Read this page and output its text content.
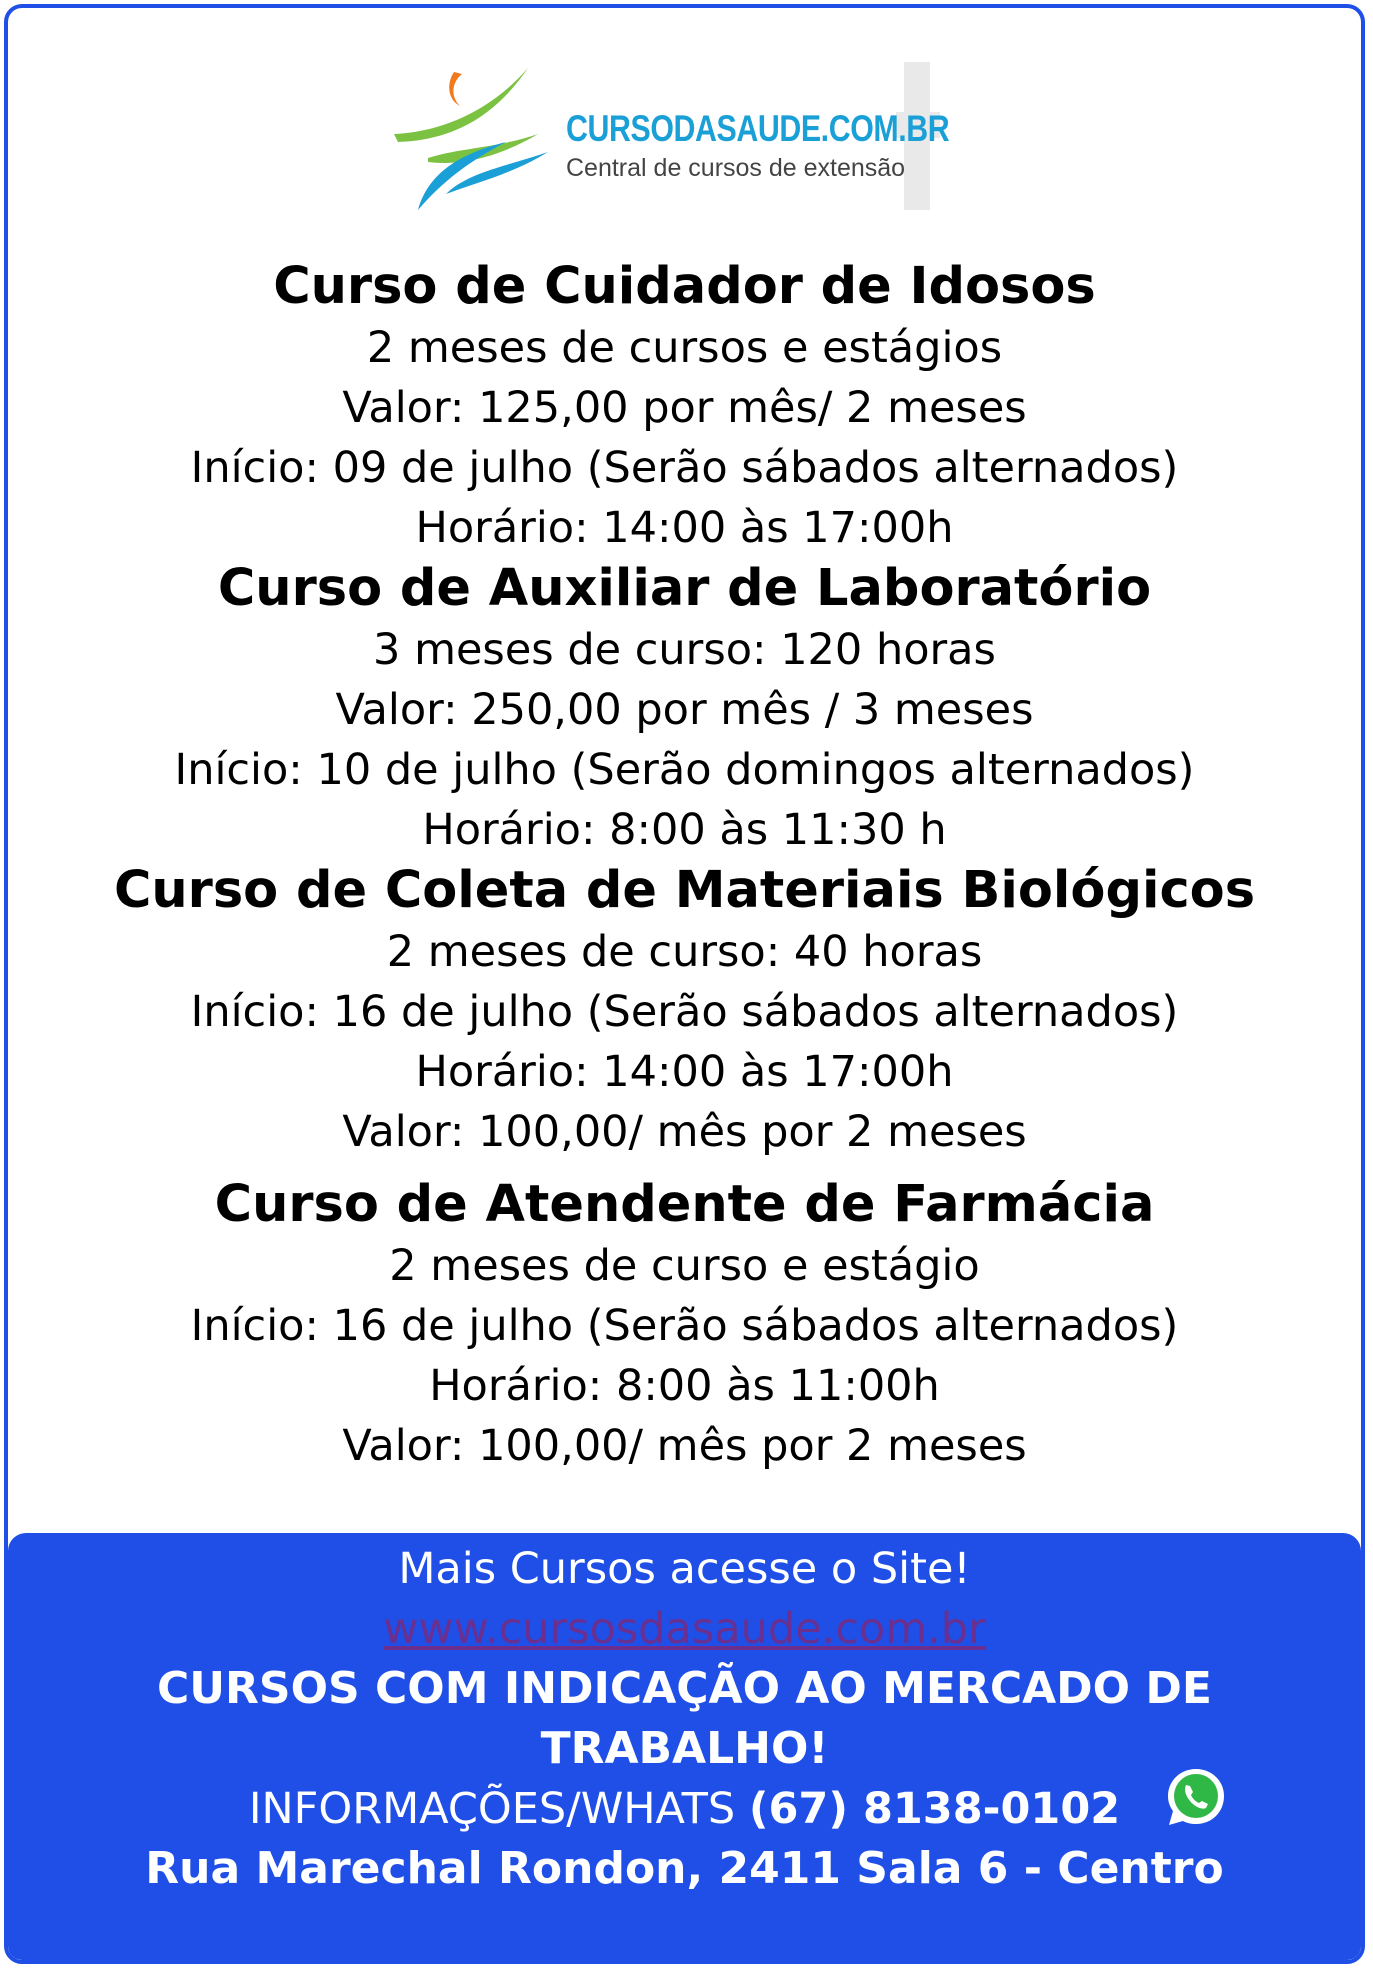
CURSODASAUDE.COM.BR
Central de cursos de extensão
Curso de Cuidador de Idosos
2 meses de cursos e estágios
Valor: 125,00 por mês/ 2 meses
Início: 09 de julho (Serão sábados alternados)
Horário: 14:00 às 17:00h
Curso de Auxiliar de Laboratório
3 meses de curso: 120 horas
Valor: 250,00 por mês / 3 meses
Início: 10 de julho (Serão domingos alternados)
Horário: 8:00 às 11:30 h
Curso de Coleta de Materiais Biológicos
2 meses de curso: 40 horas
Início: 16 de julho (Serão sábados alternados)
Horário: 14:00 às 17:00h
Valor: 100,00/ mês por 2 meses
Curso de Atendente de Farmácia
2 meses de curso e estágio
Início: 16 de julho (Serão sábados alternados)
Horário: 8:00 às 11:00h
Valor: 100,00/ mês por 2 meses
Mais Cursos acesse o Site!
www.cursosdasaude.com.br
CURSOS COM INDICAÇÃO AO MERCADO DE
TRABALHO!
INFORMAÇÕES/WHATS (67) 8138-0102
Rua Marechal Rondon, 2411 Sala 6 - Centro
